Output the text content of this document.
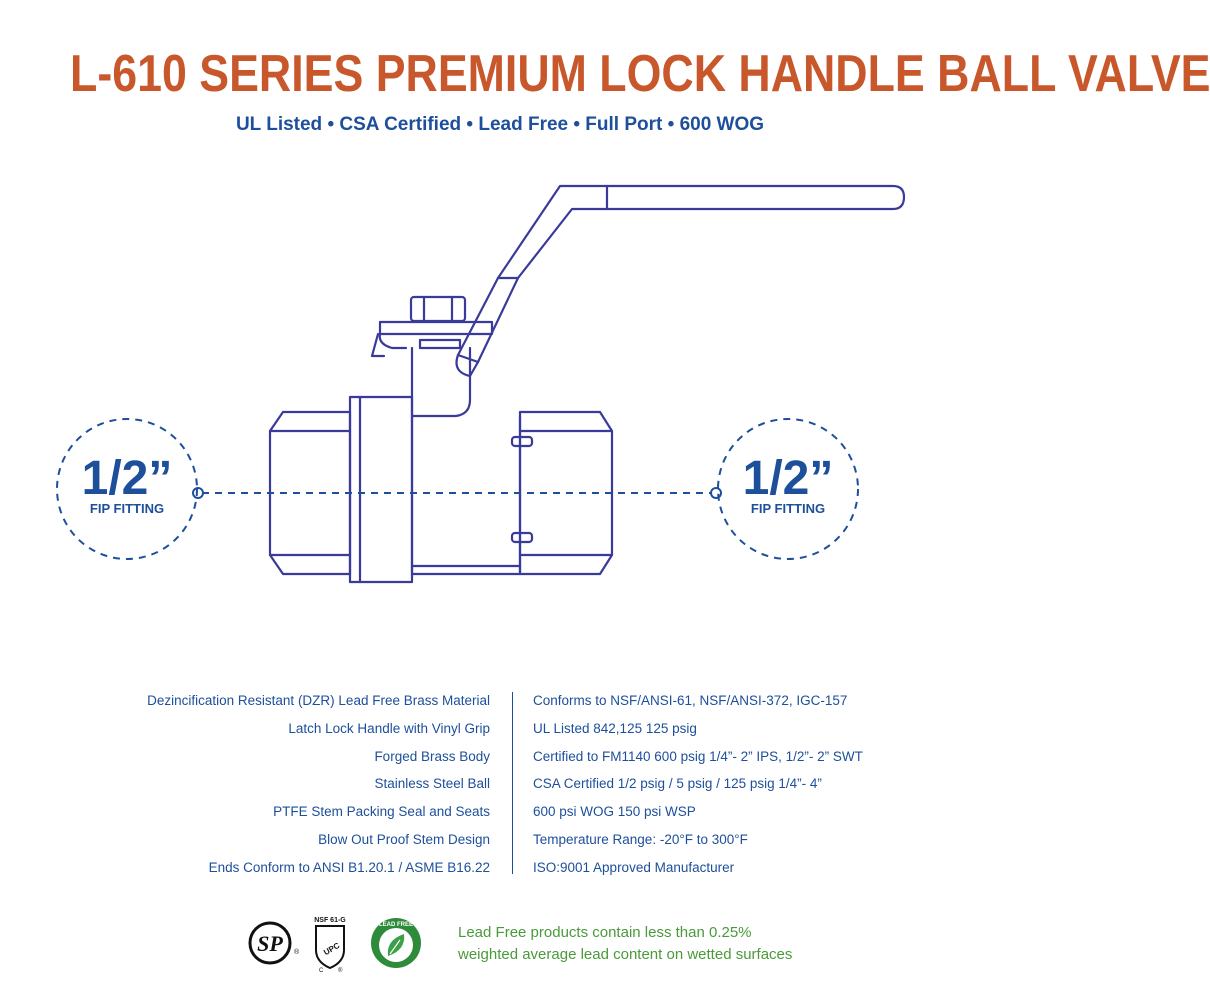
L-610 SERIES PREMIUM LOCK HANDLE BALL VALVE
UL Listed • CSA Certified • Lead Free • Full Port • 600 WOG
1/2”
FIP FITTING
1/2”
FIP FITTING
Dezincification Resistant (DZR) Lead Free Brass Material
Latch Lock Handle with Vinyl Grip
Forged Brass Body
Stainless Steel Ball
PTFE Stem Packing Seal and Seats
Blow Out Proof Stem Design
Ends Conform to ANSI B1.20.1 / ASME B16.22
Conforms to NSF/ANSI-61, NSF/ANSI-372, IGC-157
UL Listed 842,125 125 psig
Certified to FM1140 600 psig 1/4”- 2” IPS, 1/2”- 2” SWT
CSA Certified 1/2 psig / 5 psig / 125 psig 1/4”- 4”
600 psi WOG 150 psi WSP
Temperature Range: -20°F to 300°F
ISO:9001 Approved Manufacturer
SP ®
NSF 61-G
UPC
C ®
LEAD FREE	Lead Free products contain less than 0.25%
weighted average lead content on wetted surfaces
